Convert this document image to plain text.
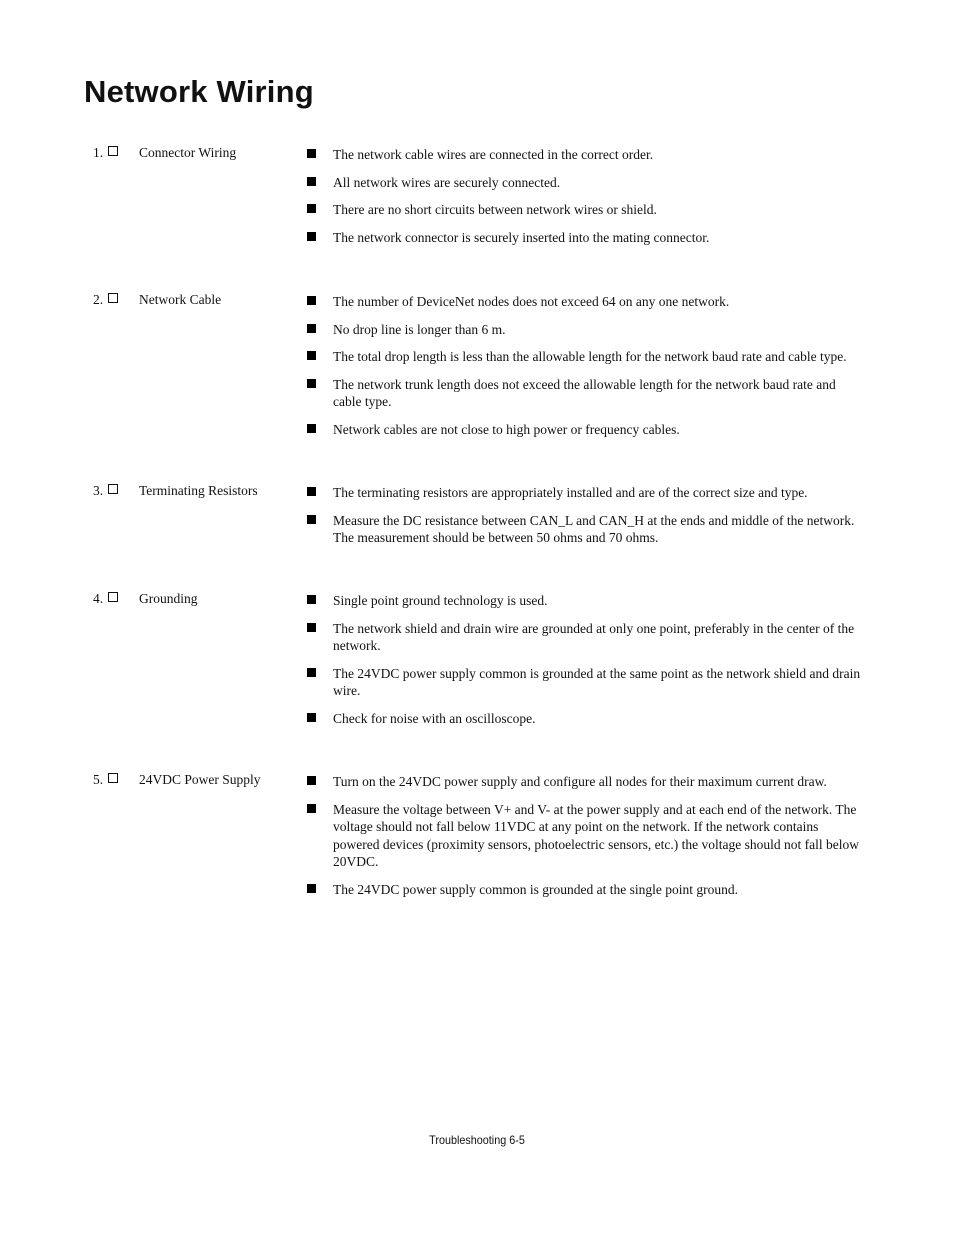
Network Wiring
1.	Connector Wiring	The network cable wires are connected in the correct order.
All network wires are securely connected.
There are no short circuits between network wires or shield.
The network connector is securely inserted into the mating connector.
2.	Network Cable	The number of DeviceNet nodes does not exceed 64 on any one network.
No drop line is longer than 6 m.
The total drop length is less than the allowable length for the network baud rate and cable type.
The network trunk length does not exceed the allowable length for the network baud rate and cable type.
Network cables are not close to high power or frequency cables.
3.	Terminating Resistors	The terminating resistors are appropriately installed and are of the correct size and type.
Measure the DC resistance between CAN_L and CAN_H at the ends and middle of the network. The measurement should be between 50 ohms and 70 ohms.
4.	Grounding	Single point ground technology is used.
The network shield and drain wire are grounded at only one point, preferably in the center of the network.
The 24VDC power supply common is grounded at the same point as the network shield and drain wire.
Check for noise with an oscilloscope.
5.	24VDC Power Supply	Turn on the 24VDC power supply and configure all nodes for their maximum current draw.
Measure the voltage between V+ and V- at the power supply and at each end of the network. The voltage should not fall below 11VDC at any point on the network. If the network contains powered devices (proximity sensors, photoelectric sensors, etc.) the voltage should not fall below 20VDC.
The 24VDC power supply common is grounded at the single point ground.
Troubleshooting 6-5
